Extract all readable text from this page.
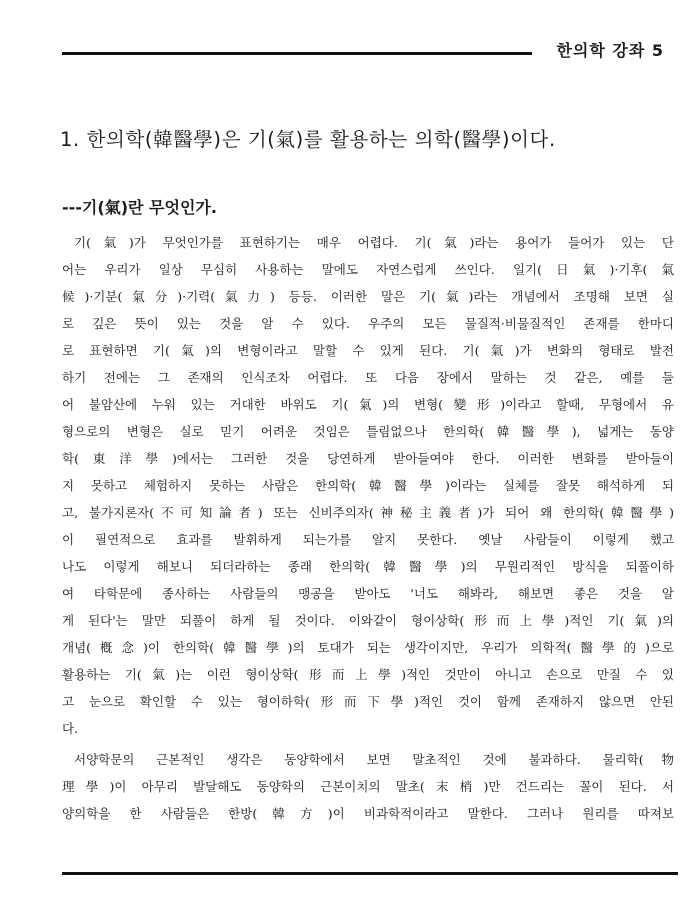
한의학 강좌 5
1. 한의학(韓醫學)은 기(氣)를 활용하는 의학(醫學)이다.
---기(氣)란 무엇인가.
기(氣)가 무엇인가를 표현하기는 매우 어렵다. 기(氣)라는 용어가 들어가 있는 단
어는 우리가 일상 무심히 사용하는 말에도 자연스럽게 쓰인다. 일기(日氣)·기후(氣
候)·기분(氣分)·기력(氣力) 등등. 이러한 말은 기(氣)라는 개념에서 조명해 보면 실
로 깊은 뜻이 있는 것을 알 수 있다. 우주의 모든 물질적·비물질적인 존재를 한마디
로 표현하면 기(氣)의 변형이라고 말할 수 있게 된다. 기(氣)가 변화의 형태로 발전
하기 전에는 그 존재의 인식조차 어렵다. 또 다음 장에서 말하는 것 같은, 예를 들
어 불암산에 누워 있는 거대한 바위도 기(氣)의 변형(變形)이라고 할때, 무형에서 유
형으로의 변형은 실로 믿기 어려운 것임은 틀림없으나 한의학(韓醫學), 넓게는 동양
학(東洋學)에서는 그러한 것을 당연하게 받아들여야 한다. 이러한 변화를 받아들이
지 못하고 체험하지 못하는 사람은 한의학(韓醫學)이라는 실체를 잘못 해석하게 되
고, 불가지론자(不可知論者) 또는 신비주의자(神秘主義者)가 되어 왜 한의학(韓醫學)
이 필연적으로 효과를 발휘하게 되는가를 알지 못한다. 옛날 사람들이 이렇게 했고
나도 이렇게 해보니 되더라하는 종래 한의학(韓醫學)의 무원리적인 방식을 되풀이하
여 타학문에 종사하는 사람들의 맹공을 받아도 '너도 해봐라, 해보면 좋은 것을 알
게 된다'는 말만 되풀이 하게 될 것이다. 이와같이 형이상학(形而上學)적인 기(氣)의
개념(槪念)이 한의학(韓醫學)의 토대가 되는 생각이지만, 우리가 의학적(醫學的)으로
활용하는 기(氣)는 이런 형이상학(形而上學)적인 것만이 아니고 손으로 만질 수 있
고 눈으로 확인할 수 있는 형이하학(形而下學)적인 것이 함께 존재하지 않으면 안된
다.
서양학문의 근본적인 생각은 동양학에서 보면 말초적인 것에 불과하다. 물리학(物
理學)이 아무리 발달해도 동양학의 근본이치의 말초(末梢)만 건드리는 꼴이 된다. 서
양의학을 한 사람들은 한방(韓方)이 비과학적이라고 말한다. 그러나 원리를 따져보
